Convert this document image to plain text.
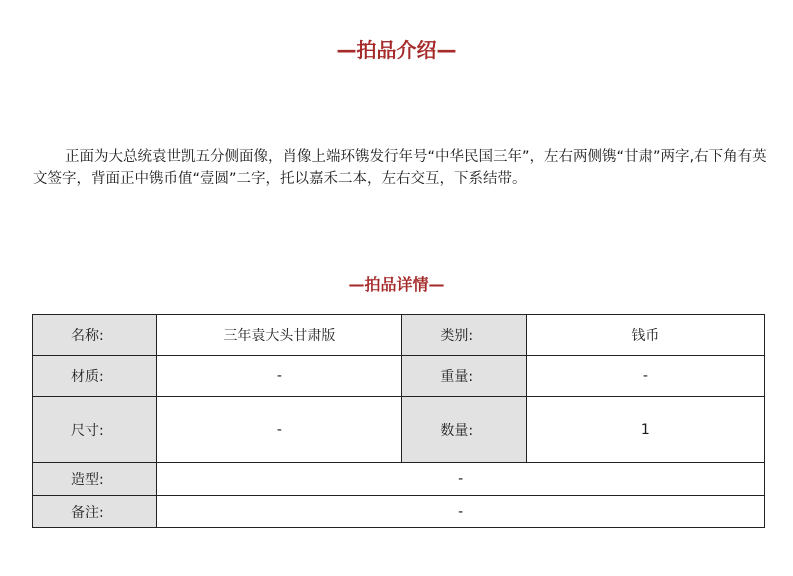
—拍品介绍—

正面为大总统袁世凯五分侧面像，肖像上端环镌发行年号“中华民国三年”，左右两侧镌“甘肃”两字,右下角有英文签字，背面正中镌币值“壹圆”二字，托以嘉禾二本，左右交互，下系结带。

—拍品详情—
名称:	三年袁大头甘肃版	类别:	钱币
材质:	-	重量:	-
尺寸:	-	数量:	1
造型:	-		
备注:	-		
